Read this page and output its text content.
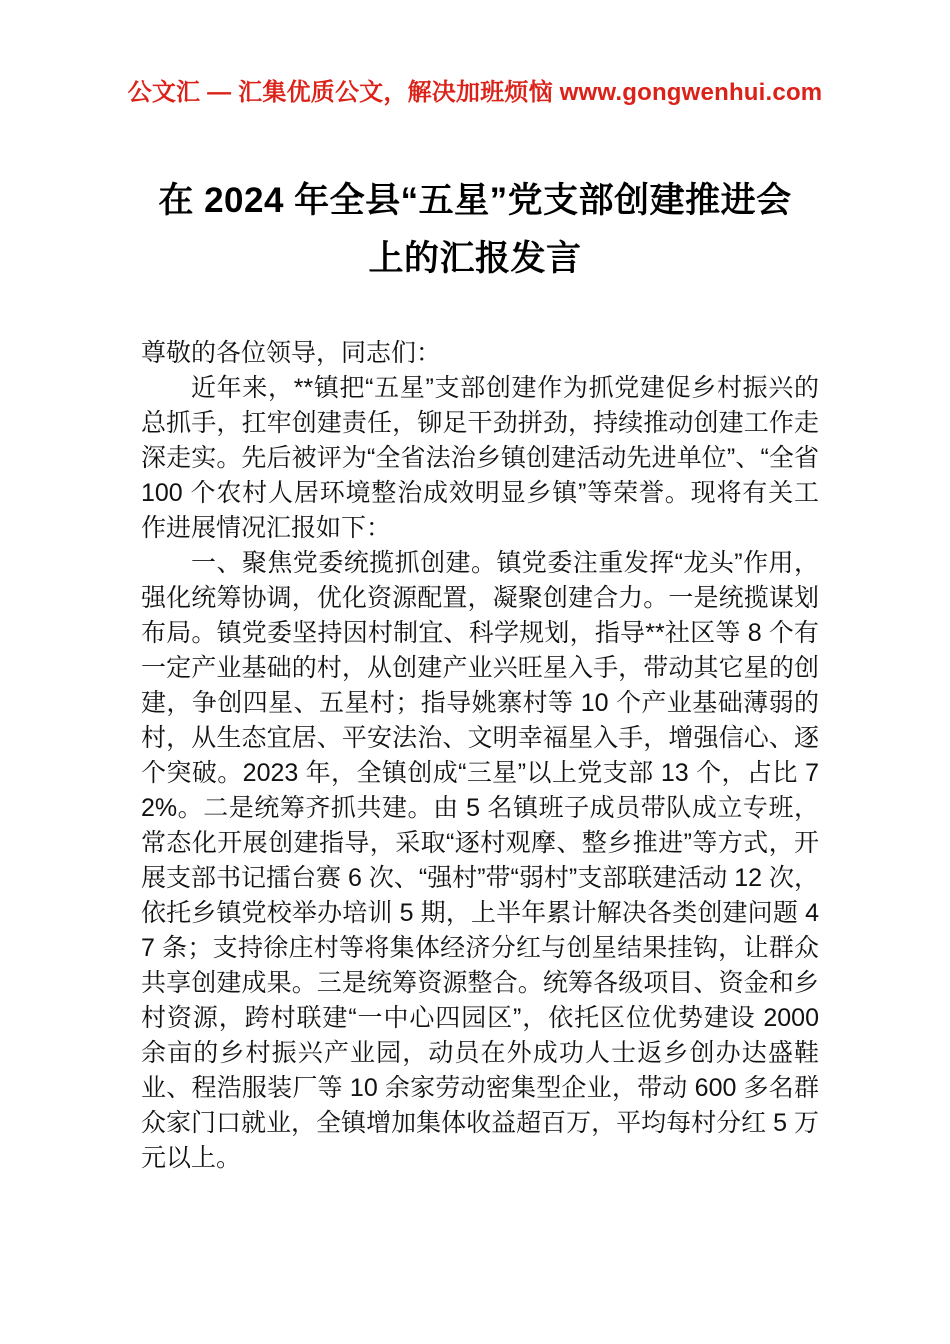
公文汇 — 汇集优质公文，解决加班烦恼 www.gongwenhui.com
在 2024 年全县“五星”党支部创建推进会
上的汇报发言

尊敬的各位领导，同志们：

近年来，**镇把“五星”支部创建作为抓党建促乡村振兴的总抓手，扛牢创建责任，铆足干劲拼劲，持续推动创建工作走深走实。先后被评为“全省法治乡镇创建活动先进单位”、“全省 100 个农村人居环境整治成效明显乡镇”等荣誉。现将有关工作进展情况汇报如下：

一、聚焦党委统揽抓创建。镇党委注重发挥“龙头”作用，强化统筹协调，优化资源配置，凝聚创建合力。一是统揽谋划布局。镇党委坚持因村制宜、科学规划，指导**社区等 8 个有一定产业基础的村，从创建产业兴旺星入手，带动其它星的创建，争创四星、五星村；指导姚寨村等 10 个产业基础薄弱的村，从生态宜居、平安法治、文明幸福星入手，增强信心、逐个突破。2023 年，全镇创成“三星”以上党支部 13 个，占比 72%。二是统筹齐抓共建。由 5 名镇班子成员带队成立专班，常态化开展创建指导，采取“逐村观摩、整乡推进”等方式，开展支部书记擂台赛 6 次、“强村”带“弱村”支部联建活动 12 次，依托乡镇党校举办培训 5 期，上半年累计解决各类创建问题 47 条；支持徐庄村等将集体经济分红与创星结果挂钩，让群众共享创建成果。三是统筹资源整合。统筹各级项目、资金和乡村资源，跨村联建“一中心四园区”，依托区位优势建设 2000 余亩的乡村振兴产业园，动员在外成功人士返乡创办达盛鞋业、程浩服装厂等 10 余家劳动密集型企业，带动 600 多名群众家门口就业，全镇增加集体收益超百万，平均每村分红 5 万元以上。
